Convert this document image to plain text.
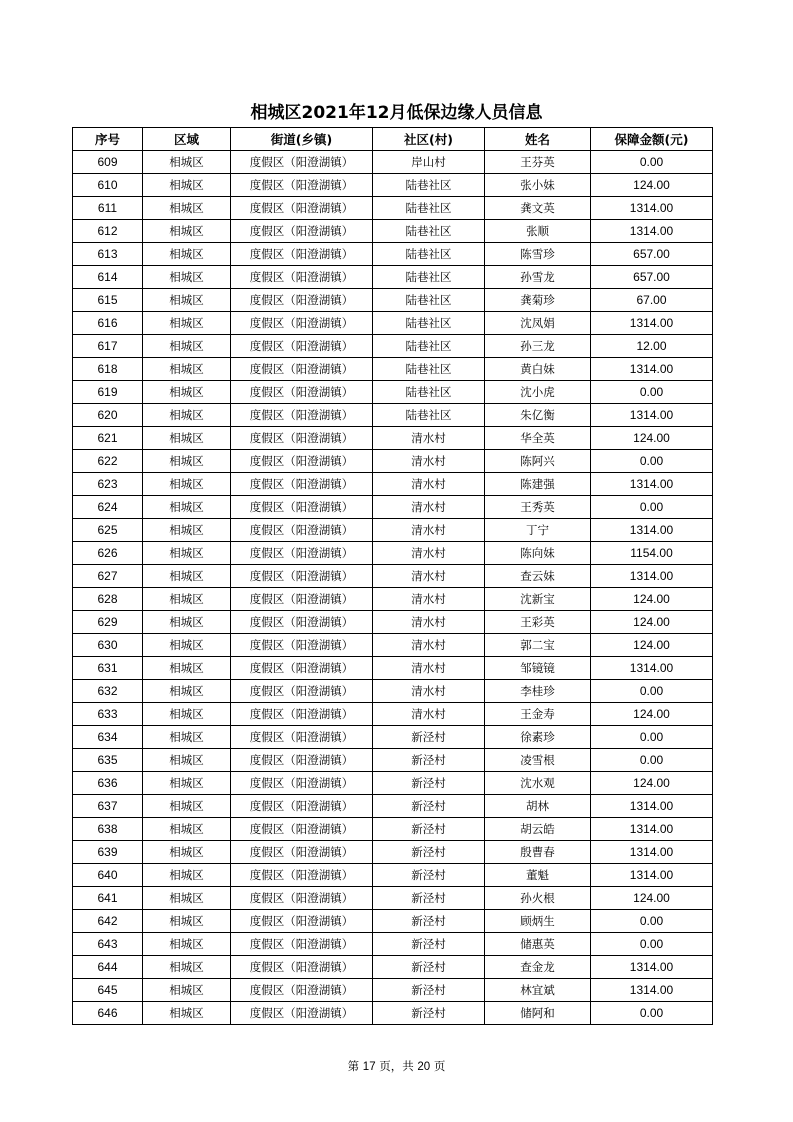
相城区2021年12月低保边缘人员信息
序号	区域	街道(乡镇)	社区(村)	姓名	保障金额(元)
609	相城区	度假区（阳澄湖镇）	岸山村	王芬英	0.00
610	相城区	度假区（阳澄湖镇）	陆巷社区	张小妹	124.00
611	相城区	度假区（阳澄湖镇）	陆巷社区	龚文英	1314.00
612	相城区	度假区（阳澄湖镇）	陆巷社区	张顺	1314.00
613	相城区	度假区（阳澄湖镇）	陆巷社区	陈雪珍	657.00
614	相城区	度假区（阳澄湖镇）	陆巷社区	孙雪龙	657.00
615	相城区	度假区（阳澄湖镇）	陆巷社区	龚菊珍	67.00
616	相城区	度假区（阳澄湖镇）	陆巷社区	沈凤娟	1314.00
617	相城区	度假区（阳澄湖镇）	陆巷社区	孙三龙	12.00
618	相城区	度假区（阳澄湖镇）	陆巷社区	黄白妹	1314.00
619	相城区	度假区（阳澄湖镇）	陆巷社区	沈小虎	0.00
620	相城区	度假区（阳澄湖镇）	陆巷社区	朱亿衡	1314.00
621	相城区	度假区（阳澄湖镇）	清水村	华全英	124.00
622	相城区	度假区（阳澄湖镇）	清水村	陈阿兴	0.00
623	相城区	度假区（阳澄湖镇）	清水村	陈建强	1314.00
624	相城区	度假区（阳澄湖镇）	清水村	王秀英	0.00
625	相城区	度假区（阳澄湖镇）	清水村	丁宁	1314.00
626	相城区	度假区（阳澄湖镇）	清水村	陈向妹	1154.00
627	相城区	度假区（阳澄湖镇）	清水村	查云妹	1314.00
628	相城区	度假区（阳澄湖镇）	清水村	沈新宝	124.00
629	相城区	度假区（阳澄湖镇）	清水村	王彩英	124.00
630	相城区	度假区（阳澄湖镇）	清水村	郭二宝	124.00
631	相城区	度假区（阳澄湖镇）	清水村	邹镜镜	1314.00
632	相城区	度假区（阳澄湖镇）	清水村	李桂珍	0.00
633	相城区	度假区（阳澄湖镇）	清水村	王金寿	124.00
634	相城区	度假区（阳澄湖镇）	新泾村	徐素珍	0.00
635	相城区	度假区（阳澄湖镇）	新泾村	凌雪根	0.00
636	相城区	度假区（阳澄湖镇）	新泾村	沈水观	124.00
637	相城区	度假区（阳澄湖镇）	新泾村	胡林	1314.00
638	相城区	度假区（阳澄湖镇）	新泾村	胡云皓	1314.00
639	相城区	度假区（阳澄湖镇）	新泾村	殷曹春	1314.00
640	相城区	度假区（阳澄湖镇）	新泾村	董魁	1314.00
641	相城区	度假区（阳澄湖镇）	新泾村	孙火根	124.00
642	相城区	度假区（阳澄湖镇）	新泾村	顾炳生	0.00
643	相城区	度假区（阳澄湖镇）	新泾村	储惠英	0.00
644	相城区	度假区（阳澄湖镇）	新泾村	查金龙	1314.00
645	相城区	度假区（阳澄湖镇）	新泾村	林宜斌	1314.00
646	相城区	度假区（阳澄湖镇）	新泾村	储阿和	0.00
第 17 页，共 20 页
